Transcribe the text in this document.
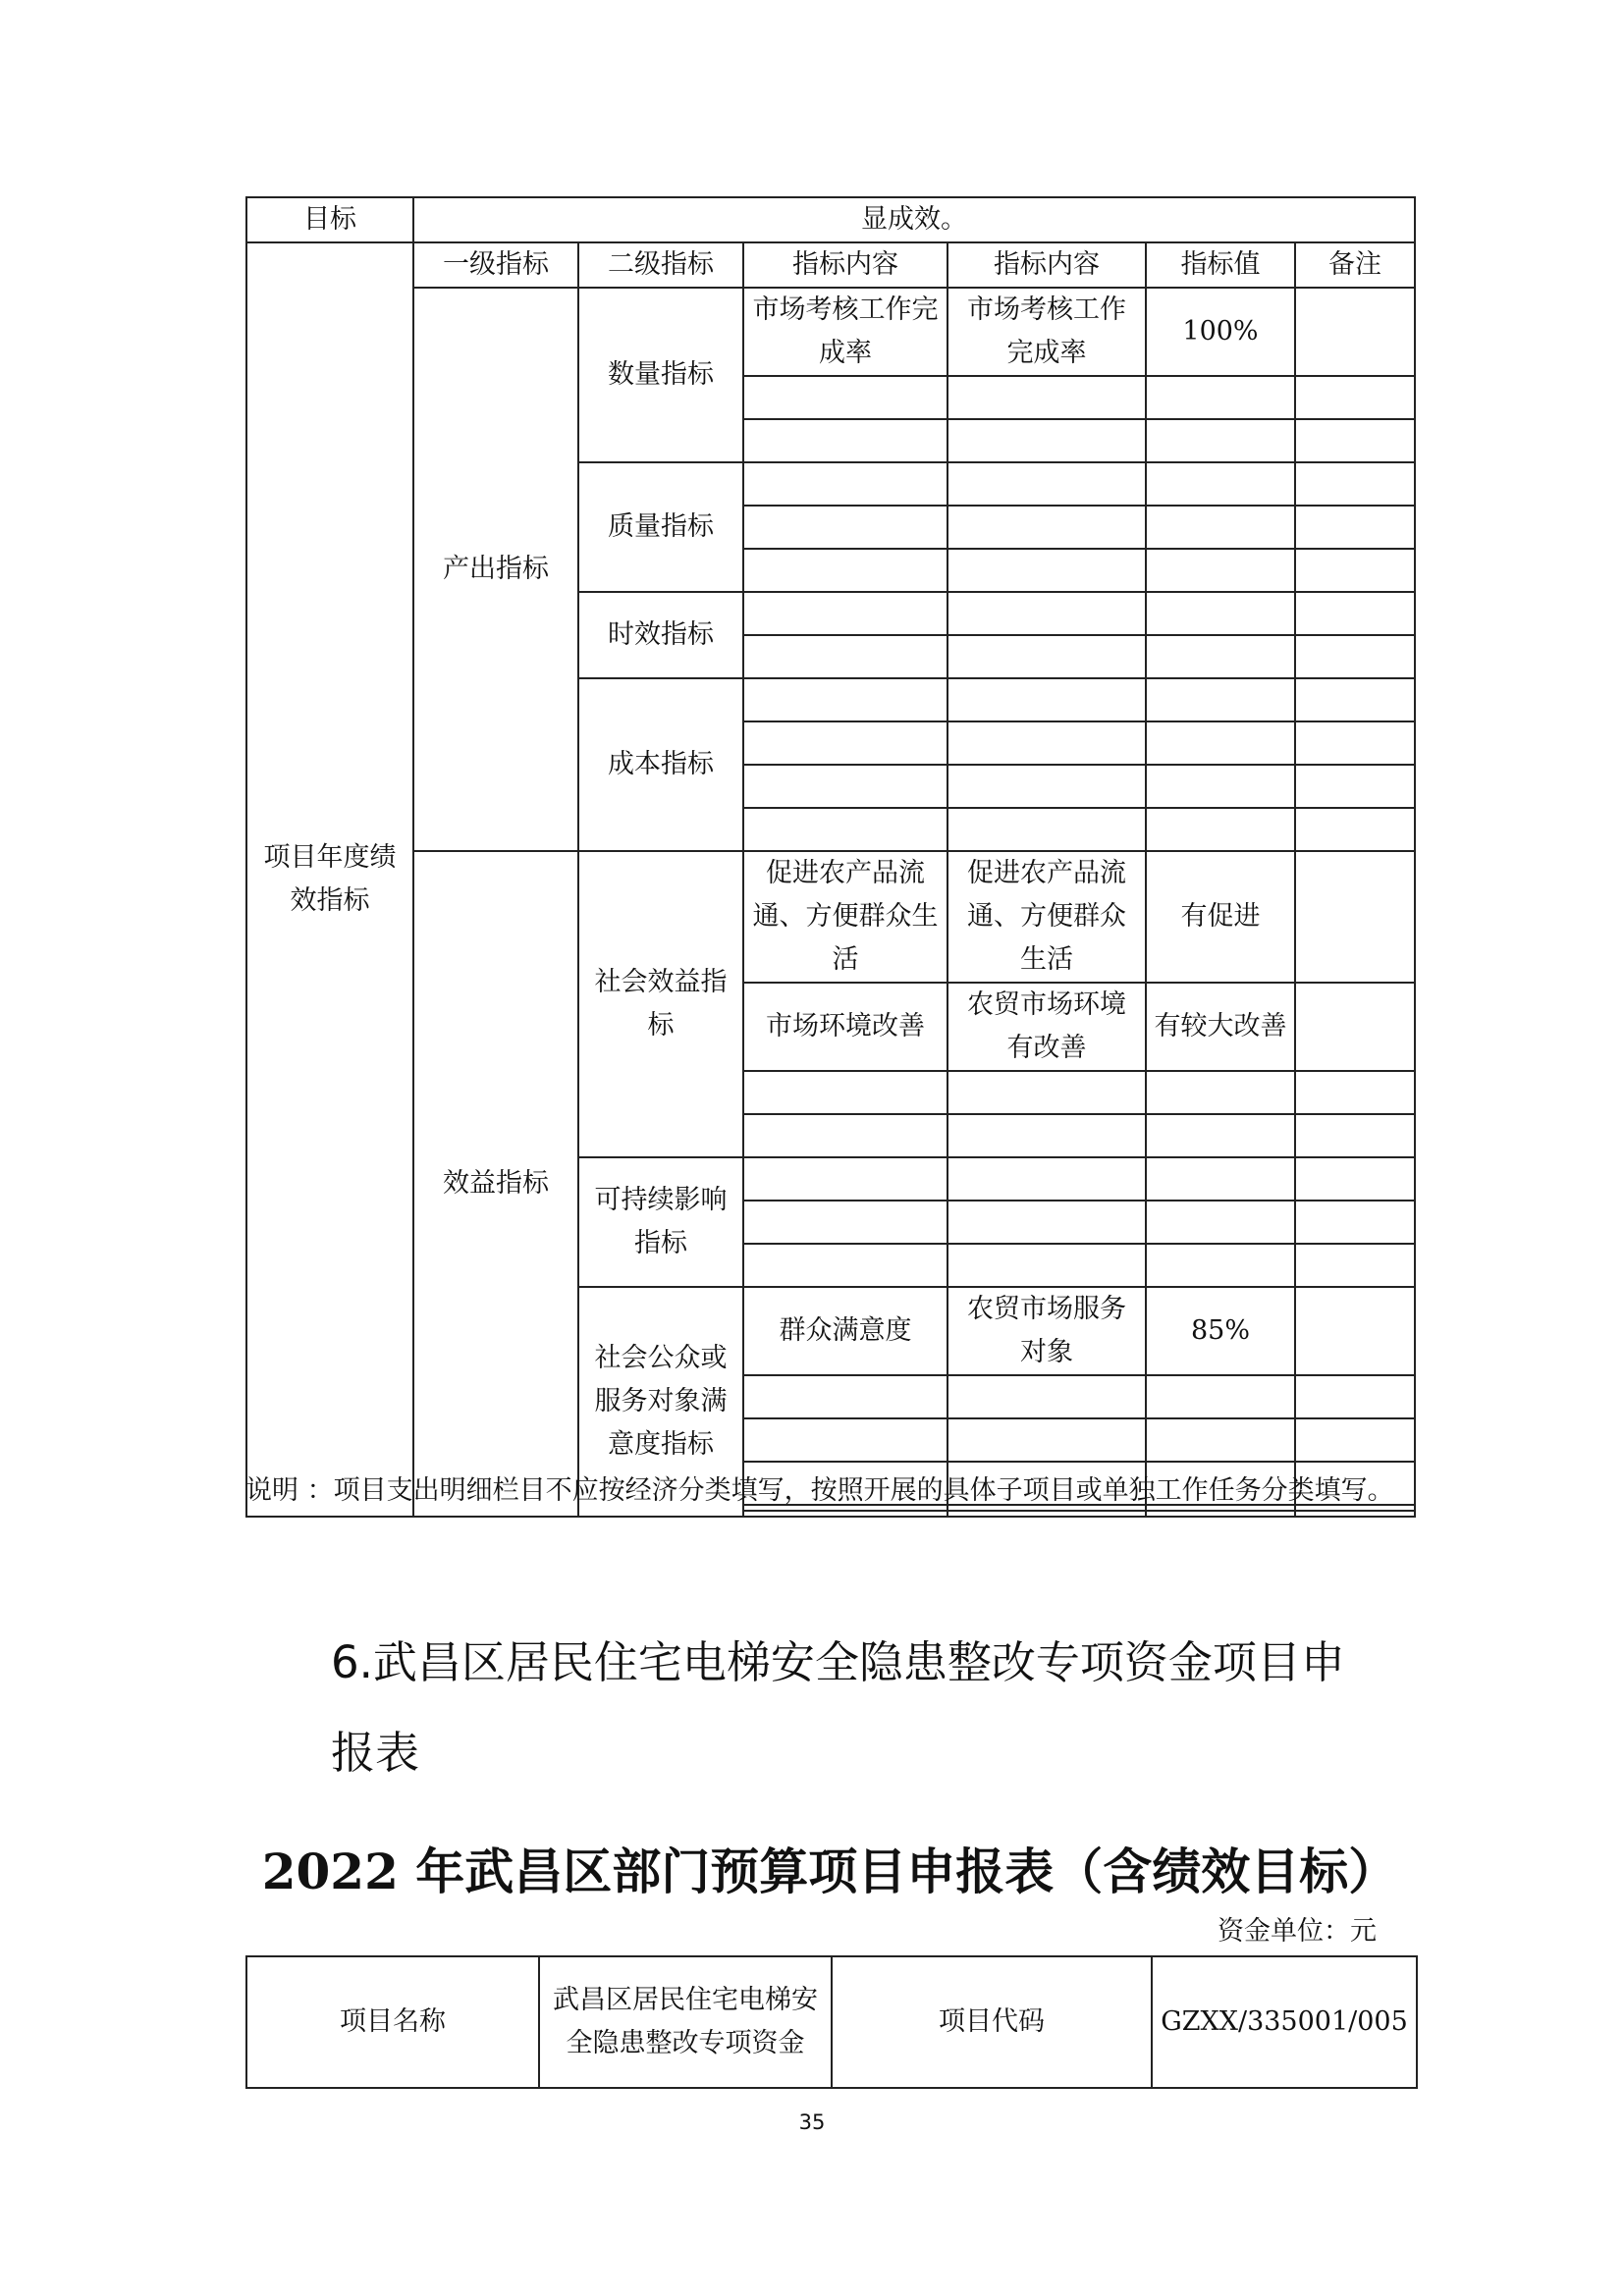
目标	显成效。					
项目年度绩效指标	一级指标	二级指标	指标内容	指标内容	指标值	备注
	产出指标	数量指标	市场考核工作完成率	市场考核工作完成率	100%	

		质量指标				

		时效指标				

		成本指标				

	效益指标	社会效益指标	促进农产品流通、方便群众生活	促进农产品流通、方便群众生活	有促进	
			市场环境改善	农贸市场环境有改善	有较大改善	

		可持续影响指标				

		社会公众或服务对象满意度指标	群众满意度	农贸市场服务对象	85%	

说明 ：项目支出明细栏目不应按经济分类填写，按照开展的具体子项目或单独工作任务分类填写。
6.武昌区居民住宅电梯安全隐患整改专项资金项目申报表
2022 年武昌区部门预算项目申报表（含绩效目标）
资金单位：元
项目名称	武昌区居民住宅电梯安全隐患整改专项资金	项目代码	GZXX/335001/005
35
